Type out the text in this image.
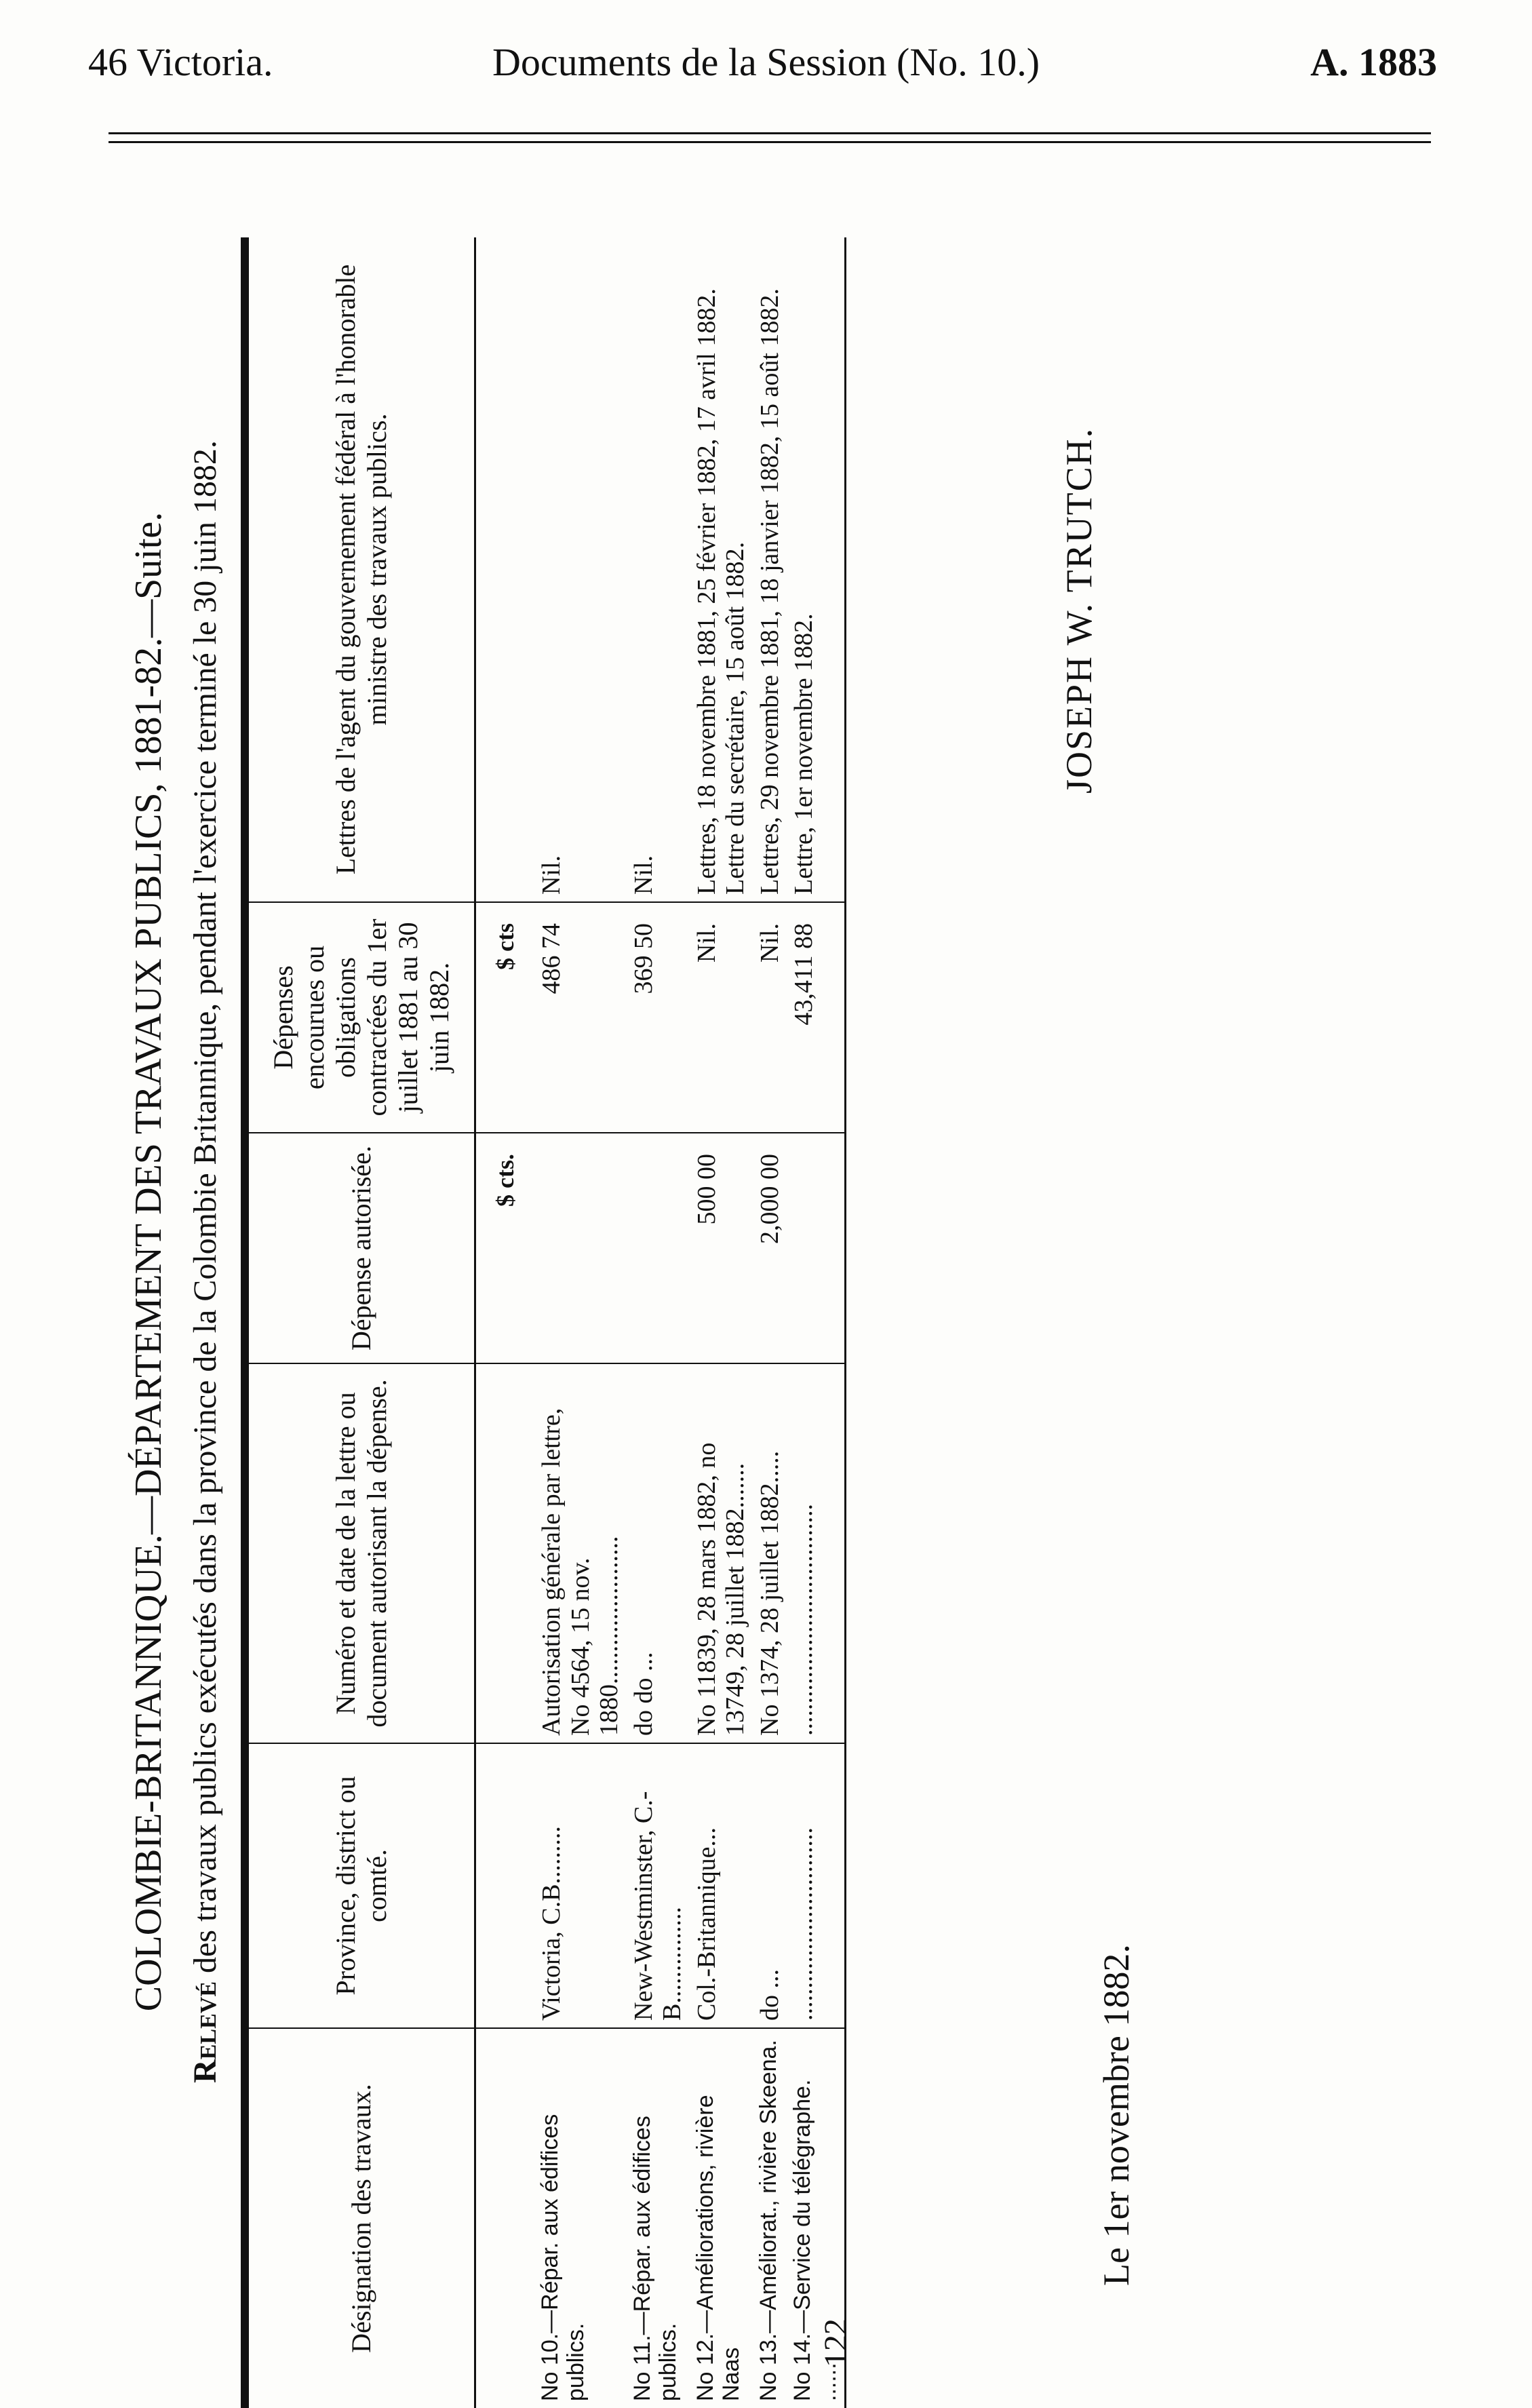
46 Victoria.	Documents de la Session (No. 10.)	A. 1883
COLOMBIE-BRITANNIQUE.—DÉPARTEMENT DES TRAVAUX PUBLICS, 1881-82.—Suite.
Relevé des travaux publics exécutés dans la province de la Colombie Britannique, pendant l'exercice terminé le 30 juin 1882.
Désignation des travaux.	Province, district ou comté.	Numéro et date de la lettre ou document autorisant la dépense.	Dépense autorisée.	Dépenses encourues ou obligations contractées du 1er juillet 1881 au 30 juin 1882.	Lettres de l'agent du gouvernement fédéral à l'honorable ministre des travaux publics.
			$ cts.	$ cts	
No 10.—Répar. aux édifices publics.	Victoria, C.B.........	Autorisation générale par lettre, No 4564, 15 nov. 1880.......................		486 74	Nil.
No 11.—Répar. aux édifices publics.	New-Westminster, C.-B...............	do do ...		369 50	Nil.
No 12.—Améliorations, rivière Naas	Col.-Britannique...	No 11839, 28 mars 1882, no 13749, 28 juillet 1882.......	500 00	Nil.	Lettres, 18 novembre 1881, 25 février 1882, 17 avril 1882. Lettre du secrétaire, 15 août 1882.
No 13.—Améliorat., rivière Skeena.	do ...	No 1374, 28 juillet 1882.....	2,000 00	Nil.	Lettres, 29 novembre 1881, 18 janvier 1882, 15 août 1882.
No 14.—Service du télégraphe. ......	..............................	....................................		43,411 88	Lettre, 1er novembre 1882.
122
Le 1er novembre 1882.
JOSEPH W. TRUTCH.
